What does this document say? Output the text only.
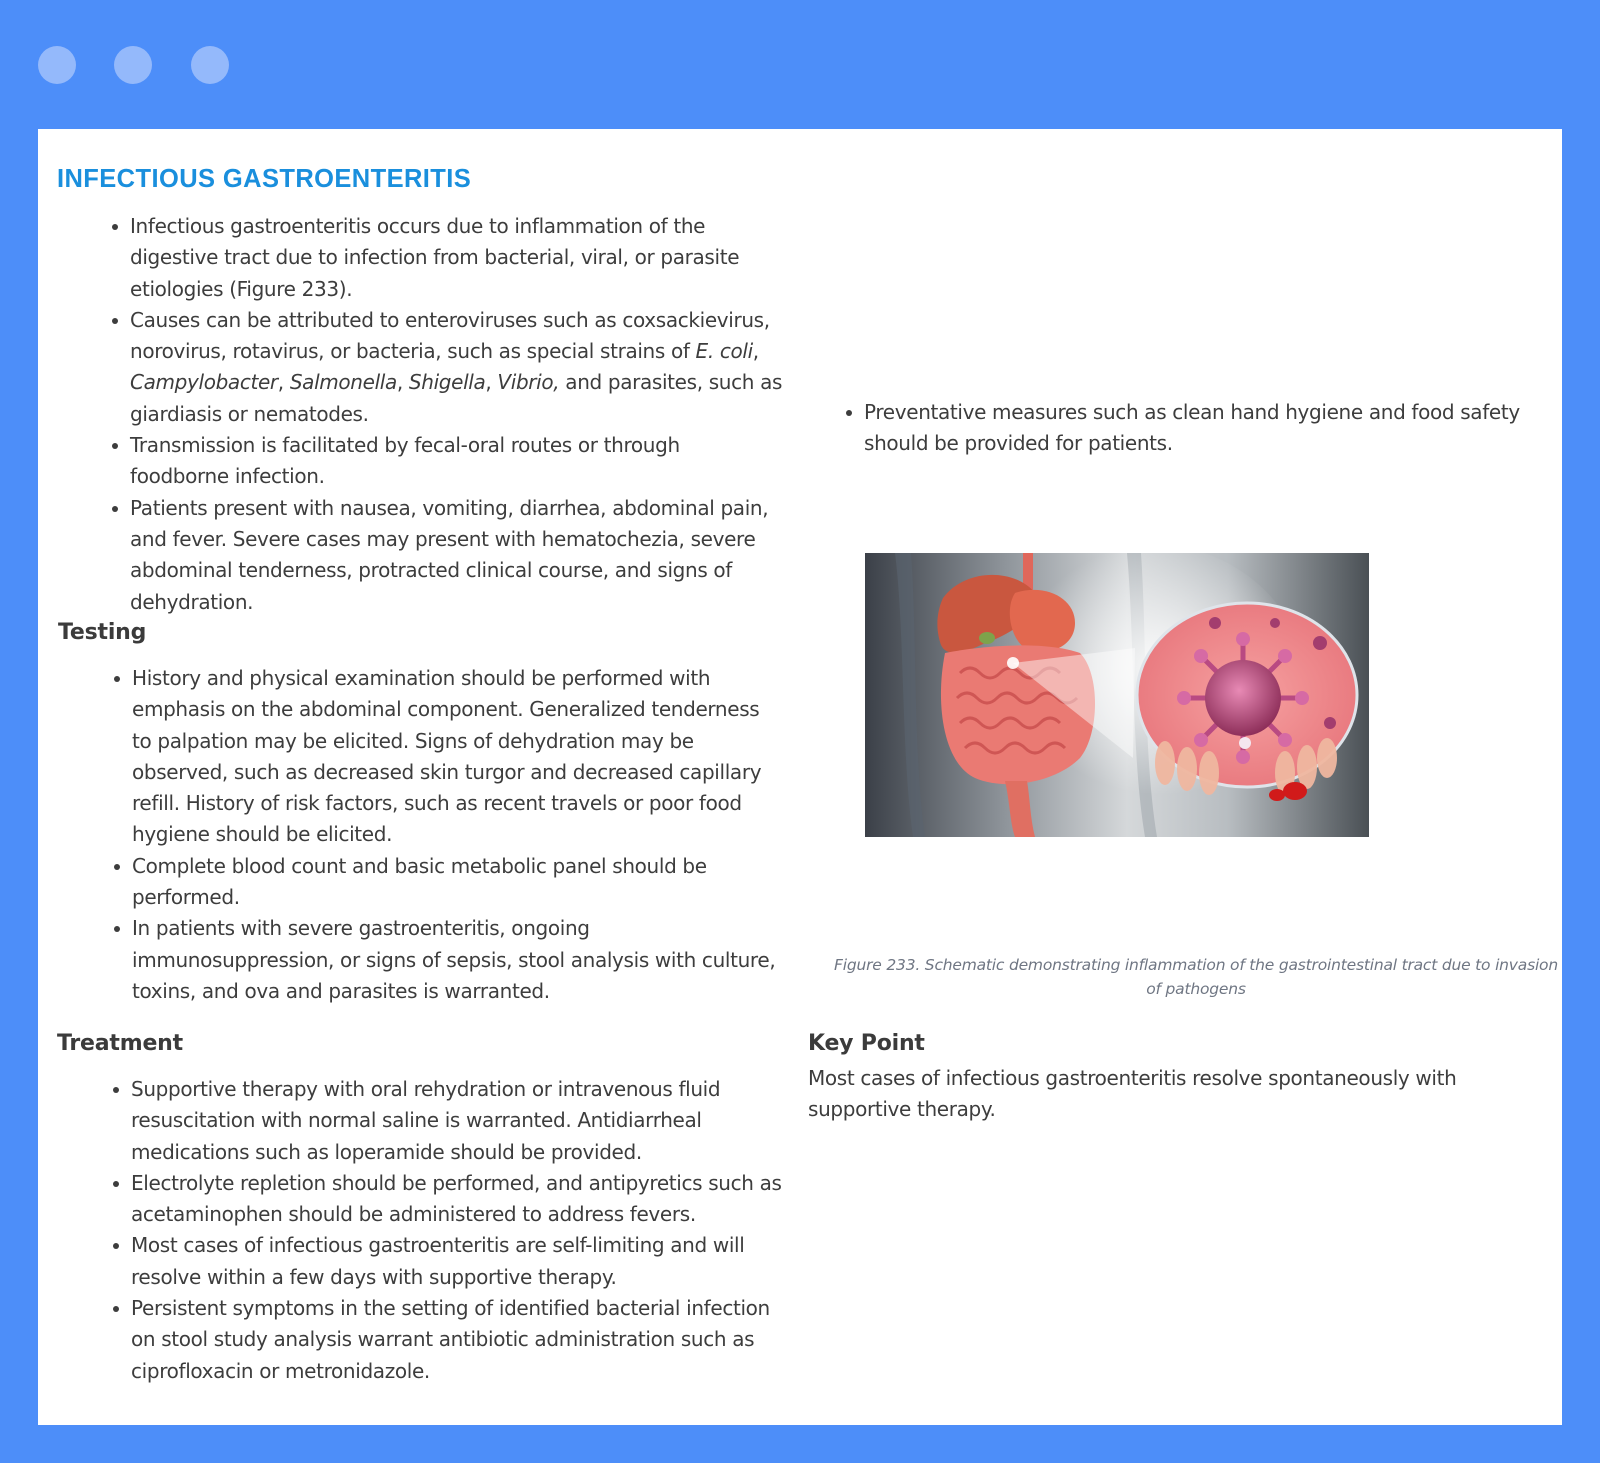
INFECTIOUS GASTROENTERITIS
Infectious gastroenteritis occurs due to inflammation of the digestive tract due to infection from bacterial, viral, or parasite etiologies (Figure 233).
Causes can be attributed to enteroviruses such as coxsackievirus, norovirus, rotavirus, or bacteria, such as special strains of E. coli, Campylobacter, Salmonella, Shigella, Vibrio, and parasites, such as giardiasis or nematodes.
Transmission is facilitated by fecal-oral routes or through foodborne infection.
Patients present with nausea, vomiting, diarrhea, abdominal pain, and fever. Severe cases may present with hematochezia, severe abdominal tenderness, protracted clinical course, and signs of dehydration.
Testing
History and physical examination should be performed with emphasis on the abdominal component. Generalized tenderness to palpation may be elicited. Signs of dehydration may be observed, such as decreased skin turgor and decreased capillary refill. History of risk factors, such as recent travels or poor food hygiene should be elicited.
Complete blood count and basic metabolic panel should be performed.
In patients with severe gastroenteritis, ongoing immunosuppression, or signs of sepsis, stool analysis with culture, toxins, and ova and parasites is warranted.
Treatment
Supportive therapy with oral rehydration or intravenous fluid resuscitation with normal saline is warranted. Antidiarrheal medications such as loperamide should be provided.
Electrolyte repletion should be performed, and antipyretics such as acetaminophen should be administered to address fevers.
Most cases of infectious gastroenteritis are self-limiting and will resolve within a few days with supportive therapy.
Persistent symptoms in the setting of identified bacterial infection on stool study analysis warrant antibiotic administration such as ciprofloxacin or metronidazole.
Preventative measures such as clean hand hygiene and food safety should be provided for patients.
Figure 233. Schematic demonstrating inflammation of the gastrointestinal tract due to invasion of pathogens
Key Point
Most cases of infectious gastroenteritis resolve spontaneously with supportive therapy.
